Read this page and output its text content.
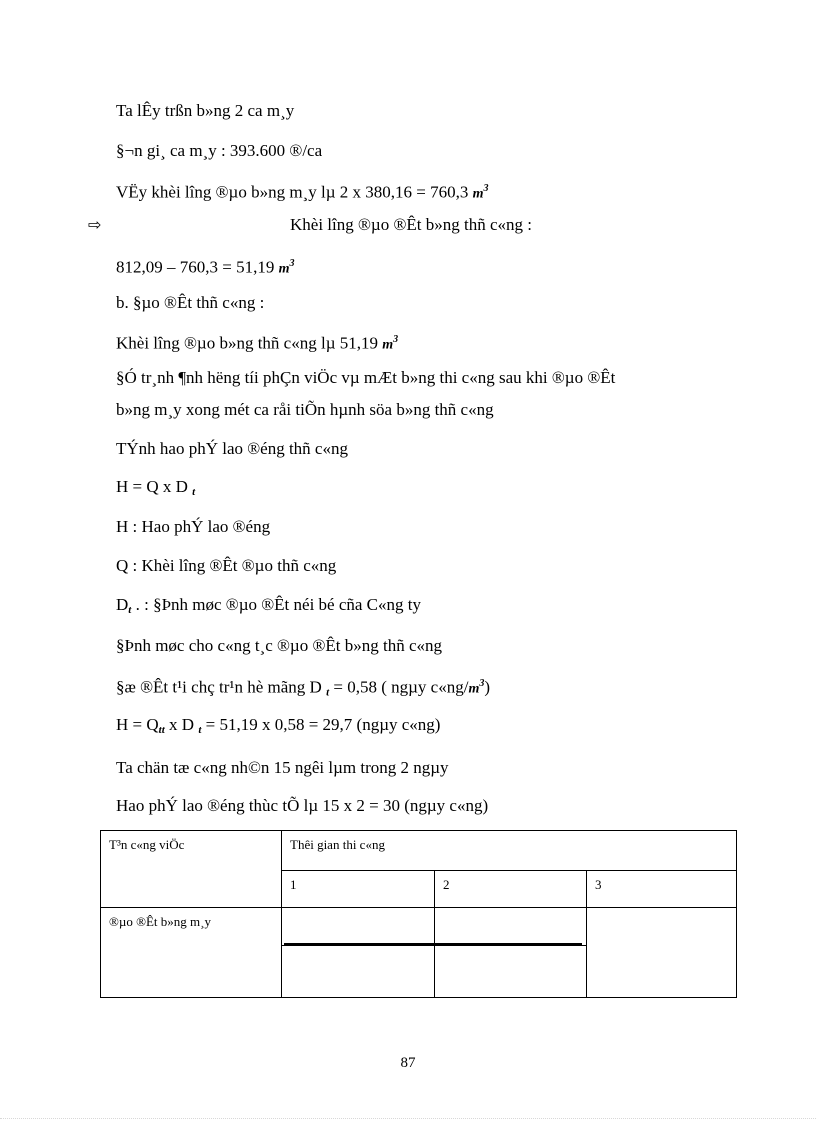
Ta lÊy trßn b»ng 2 ca m¸y
§¬n gi¸ ca m¸y : 393.600 ®/ca
VËy khèi lîng ®µo b»ng m¸y lµ 2 x 380,16 = 760,3 $m^3$
⇨	Khèi lîng ®µo ®Êt b»ng thñ c«ng :
812,09 – 760,3 = 51,19 $m^3$
b. §µo ®Êt thñ c«ng :
Khèi lîng ®µo b»ng thñ c«ng lµ 51,19 $m^3$
§Ó tr¸nh ¶nh hëng tíi phÇn viÖc vµ mÆt b»ng thi c«ng sau khi ®µo ®Êt
b»ng m¸y xong mét ca råi tiÕn hµnh söa b»ng thñ c«ng
TÝnh hao phÝ lao ®éng thñ c«ng
H = Q x D $_t$
H : Hao phÝ lao ®éng
Q : Khèi lîng ®Êt ®µo thñ c«ng
$D_t$ . : §Þnh møc ®µo ®Êt néi bé cña C«ng ty
§Þnh møc cho c«ng t¸c ®µo ®Êt b»ng thñ c«ng
§æ ®Êt t¹i chç tr¹n hè mãng D $_t$ = 0,58 ( ngµy $c«ng/m^3$)
$H = Q_{tt}$ x D $_t$ = 51,19 x 0,58 = 29,7 (ngµy c«ng)
Ta chän tæ c«ng nh©n 15 ngêi lµm trong 2 ngµy
Hao phÝ lao ®éng thùc tÕ lµ 15 x 2 = 30 (ngµy c«ng)
T³n c«ng viÖc	Thêi gian thi c«ng		
	1	2	3
®µo ®Êt b»ng m¸y			

87
